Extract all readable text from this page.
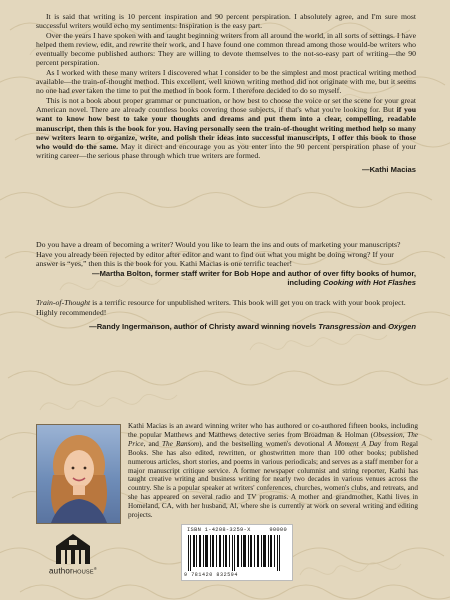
It is said that writing is 10 percent inspiration and 90 percent perspiration. I absolutely agree, and I'm sure most successful writers would echo my sentiments: Inspiration is the easy part.

Over the years I have spoken with and taught beginning writers from all around the world, in all sorts of settings. I have helped them review, edit, and rewrite their work, and I have found one common thread among those would-be writers who eventually become published authors: They are willing to devote themselves to the not-so-easy part of writing—the 90 percent perspiration.

As I worked with these many writers I discovered what I consider to be the simplest and most practical writing method available—the train-of-thought method. This excellent, well known writing method did not originate with me, but it seems no one had ever taken the time to put the method in book form. I therefore decided to do so myself.

This is not a book about proper grammar or punctuation, or how best to choose the voice or set the scene for your great American novel. There are already countless books covering those subjects, if that's what you're looking for. But if you want to know how best to take your thoughts and dreams and put them into a clear, compelling, readable manuscript, then this is the book for you. Having personally seen the train-of-thought writing method help so many new writers learn to organize, write, and polish their ideas into successful manuscripts, I offer this book to those who would do the same. May it direct and encourage you as you enter into the 90 percent perspiration phase of your writing career—the serious phase through which true writers are formed.

—Kathi Macias

Do you have a dream of becoming a writer? Would you like to learn the ins and outs of marketing your manuscripts? Have you already been rejected by editor after editor and want to find out what you might be doing wrong? If your answer is “yes,” then this is the book for you. Kathi Macias is one terrific teacher!

—Martha Bolton, former staff writer for Bob Hope and author of over fifty books of humor,
including Cooking with Hot Flashes

Train-of-Thought is a terrific resource for unpublished writers. This book will get you on track with your book project. Highly recommended!

—Randy Ingermanson, author of Christy award winning novels Transgression and Oxygen
Kathi Macias is an award winning writer who has authored or co-authored fifteen books, including the popular Matthews and Matthews detective series from Broadman & Holman (Obsession, The Price, and The Ransom), and the bestselling women's devotional A Moment A Day from Regal Books. She has also edited, rewritten, or ghostwritten more than 100 other books; published numerous articles, short stories, and poems in various periodicals; and serves as a staff member for a major manuscript critique service. A former newspaper columnist and string reporter, Kathi has taught creative writing and business writing for nearly two decades in various venues across the country. She is a popular speaker at writers' conferences, churches, women's clubs, and retreats, and she has appeared on several radio and TV programs. A mother and grandmother, Kathi lives in Homeland, CA, with her husband, Al, where she is currently at work on several writing and editing projects.
authorHOUSE®
ISBN 1-4208-3259-X	90000
9 781420 832594
